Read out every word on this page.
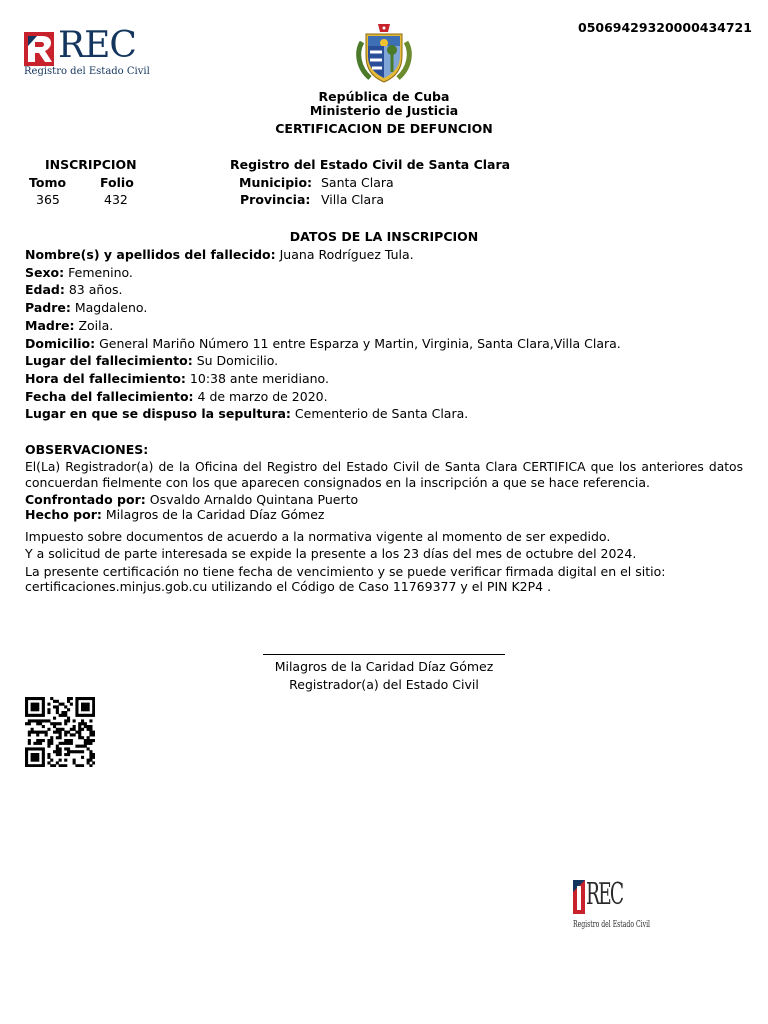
05069429320000434721
REC
Registro del Estado Civil
República de Cuba
Ministerio de Justicia
CERTIFICACION DE DEFUNCION
INSCRIPCION
Tomo	Folio
365	432
Registro del Estado Civil de Santa Clara
Municipio: Santa Clara
Provincia: Villa Clara
DATOS DE LA INSCRIPCION
Nombre(s) y apellidos del fallecido: Juana Rodríguez Tula.
Sexo: Femenino.
Edad: 83 años.
Padre: Magdaleno.
Madre: Zoila.
Domicilio: General Mariño Número 11 entre Esparza y Martin, Virginia, Santa Clara,Villa Clara.
Lugar del fallecimiento: Su Domicilio.
Hora del fallecimiento: 10:38 ante meridiano.
Fecha del fallecimiento: 4 de marzo de 2020.
Lugar en que se dispuso la sepultura: Cementerio de Santa Clara.
OBSERVACIONES:
El(La) Registrador(a) de la Oficina del Registro del Estado Civil de Santa Clara CERTIFICA que los anteriores datos
concuerdan fielmente con los que aparecen consignados en la inscripción a que se hace referencia.
Confrontado por: Osvaldo Arnaldo Quintana Puerto
Hecho por: Milagros de la Caridad Díaz Gómez
Impuesto sobre documentos de acuerdo a la normativa vigente al momento de ser expedido.
Y a solicitud de parte interesada se expide la presente a los 23 días del mes de octubre del 2024.
La presente certificación no tiene fecha de vencimiento y se puede verificar firmada digital en el sitio:
certificaciones.minjus.gob.cu utilizando el Código de Caso 11769377 y el PIN K2P4 .
Milagros de la Caridad Díaz Gómez
Registrador(a) del Estado Civil
REC
Registro del Estado Civil
